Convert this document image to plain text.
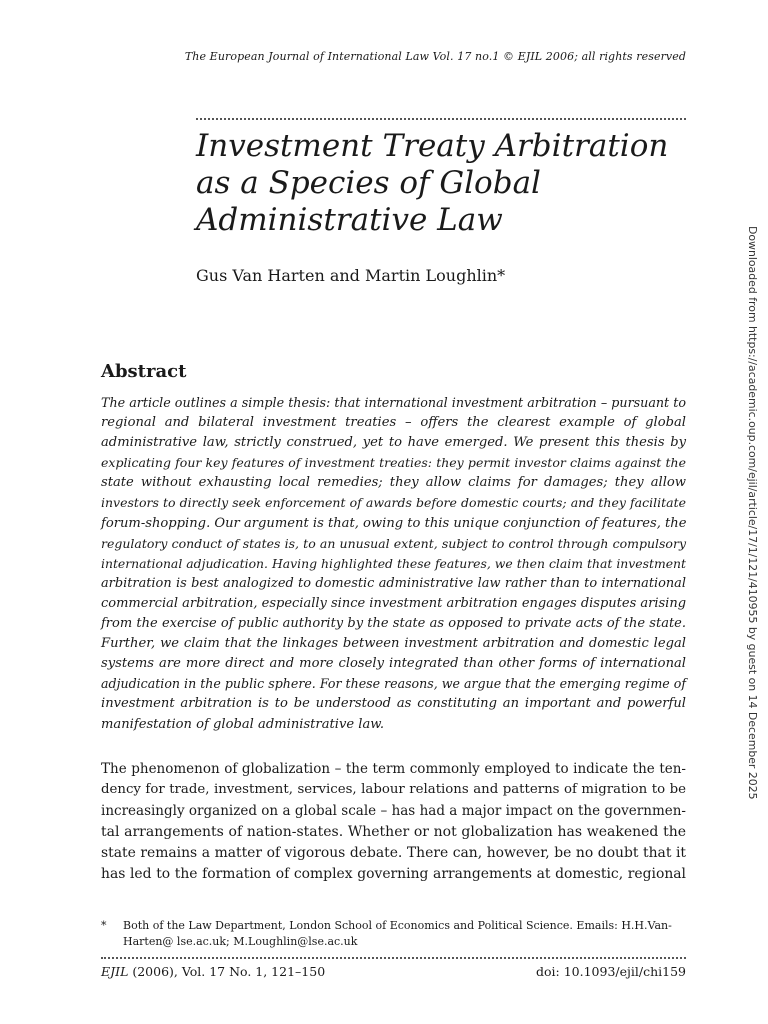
The European Journal of International Law Vol. 17 no.1 © EJIL 2006; all rights reserved
Investment Treaty Arbitration
as a Species of Global
Administrative Law
Gus Van Harten and Martin Loughlin*
Abstract
The article outlines a simple thesis: that international investment arbitration – pursuant to
regional and bilateral investment treaties – offers the clearest example of global
administrative law, strictly construed, yet to have emerged. We present this thesis by
explicating four key features of investment treaties: they permit investor claims against the
state without exhausting local remedies; they allow claims for damages; they allow
investors to directly seek enforcement of awards before domestic courts; and they facilitate
forum-shopping. Our argument is that, owing to this unique conjunction of features, the
regulatory conduct of states is, to an unusual extent, subject to control through compulsory
international adjudication. Having highlighted these features, we then claim that investment
arbitration is best analogized to domestic administrative law rather than to international
commercial arbitration, especially since investment arbitration engages disputes arising
from the exercise of public authority by the state as opposed to private acts of the state.
Further, we claim that the linkages between investment arbitration and domestic legal
systems are more direct and more closely integrated than other forms of international
adjudication in the public sphere. For these reasons, we argue that the emerging regime of
investment arbitration is to be understood as constituting an important and powerful
manifestation of global administrative law.
The phenomenon of globalization – the term commonly employed to indicate the ten-
dency for trade, investment, services, labour relations and patterns of migration to be
increasingly organized on a global scale – has had a major impact on the governmen-
tal arrangements of nation-states. Whether or not globalization has weakened the
state remains a matter of vigorous debate. There can, however, be no doubt that it
has led to the formation of complex governing arrangements at domestic, regional
* Both of the Law Department, London School of Economics and Political Science. Emails: H.H.Van-Harten@ lse.ac.uk; M.Loughlin@lse.ac.uk
EJIL (2006), Vol. 17 No. 1, 121–150	doi: 10.1093/ejil/chi159
Downloaded from https://academic.oup.com/ejil/article/17/1/121/410955 by guest on 14 December 2025
